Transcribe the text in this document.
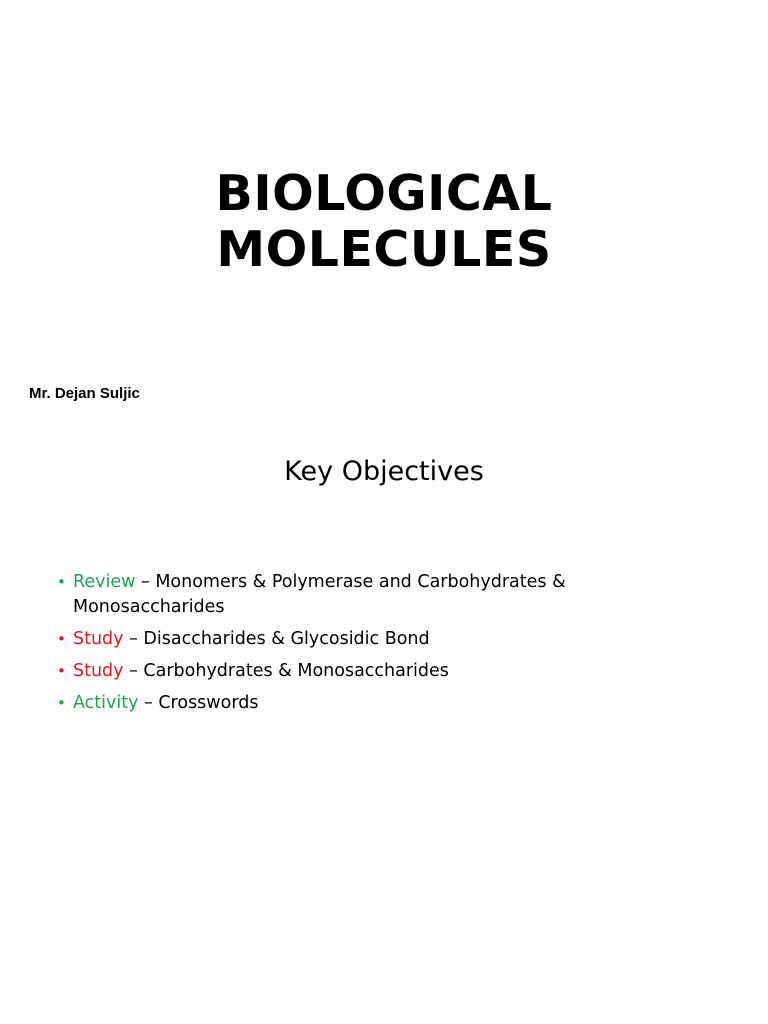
BIOLOGICAL
MOLECULES
Mr. Dejan Suljic
Key Objectives
• Review – Monomers & Polymerase and Carbohydrates & Monosaccharides
• Study – Disaccharides & Glycosidic Bond
• Study – Carbohydrates & Monosaccharides
• Activity – Crosswords
